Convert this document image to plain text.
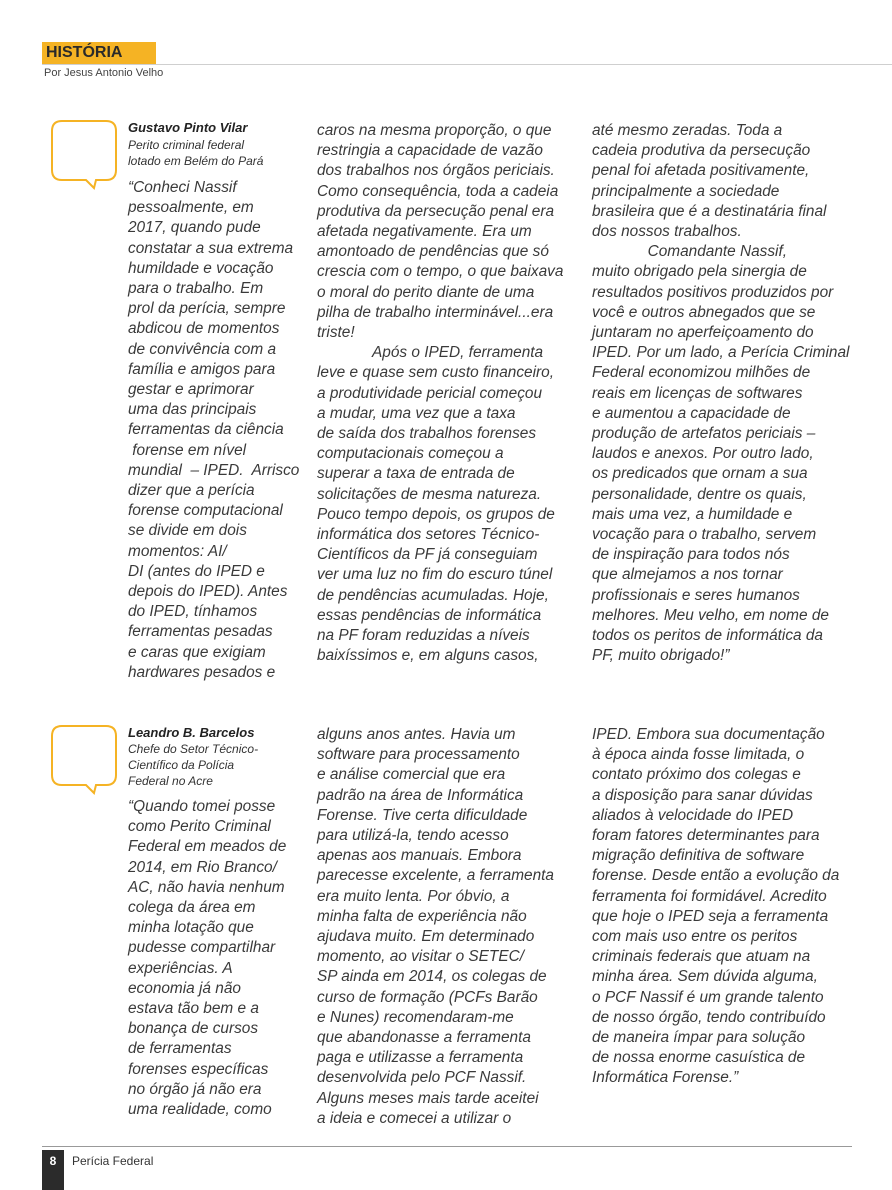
HISTÓRIA
Por Jesus Antonio Velho
Gustavo Pinto Vilar
Perito criminal federal
lotado em Belém do Pará
“Conheci Nassif
pessoalmente, em
2017, quando pude
constatar a sua extrema
humildade e vocação
para o trabalho. Em
prol da perícia, sempre
abdicou de momentos
de convivência com a
família e amigos para
gestar e aprimorar
uma das principais
ferramentas da ciência
forense em nível
mundial  – IPED.  Arrisco
dizer que a perícia
forense computacional
se divide em dois
momentos: AI/
DI (antes do IPED e
depois do IPED). Antes
do IPED, tínhamos
ferramentas pesadas
e caras que exigiam
hardwares pesados e
caros na mesma proporção, o que
restringia a capacidade de vazão
dos trabalhos nos órgãos periciais.
Como consequência, toda a cadeia
produtiva da persecução penal era
afetada negativamente. Era um
amontoado de pendências que só
crescia com o tempo, o que baixava
o moral do perito diante de uma
pilha de trabalho interminável...era
triste!
Após o IPED, ferramenta
leve e quase sem custo financeiro,
a produtividade pericial começou
a mudar, uma vez que a taxa
de saída dos trabalhos forenses
computacionais começou a
superar a taxa de entrada de
solicitações de mesma natureza.
Pouco tempo depois, os grupos de
informática dos setores Técnico-
Científicos da PF já conseguiam
ver uma luz no fim do escuro túnel
de pendências acumuladas. Hoje,
essas pendências de informática
na PF foram reduzidas a níveis
baixíssimos e, em alguns casos,
até mesmo zeradas. Toda a
cadeia produtiva da persecução
penal foi afetada positivamente,
principalmente a sociedade
brasileira que é a destinatária final
dos nossos trabalhos.
Comandante Nassif,
muito obrigado pela sinergia de
resultados positivos produzidos por
você e outros abnegados que se
juntaram no aperfeiçoamento do
IPED. Por um lado, a Perícia Criminal
Federal economizou milhões de
reais em licenças de softwares
e aumentou a capacidade de
produção de artefatos periciais –
laudos e anexos. Por outro lado,
os predicados que ornam a sua
personalidade, dentre os quais,
mais uma vez, a humildade e
vocação para o trabalho, servem
de inspiração para todos nós
que almejamos a nos tornar
profissionais e seres humanos
melhores. Meu velho, em nome de
todos os peritos de informática da
PF, muito obrigado!”
Leandro B. Barcelos
Chefe do Setor Técnico-
Científico da Polícia
Federal no Acre
“Quando tomei posse
como Perito Criminal
Federal em meados de
2014, em Rio Branco/
AC, não havia nenhum
colega da área em
minha lotação que
pudesse compartilhar
experiências. A
economia já não
estava tão bem e a
bonança de cursos
de ferramentas
forenses específicas
no órgão já não era
uma realidade, como
alguns anos antes. Havia um
software para processamento
e análise comercial que era
padrão na área de Informática
Forense. Tive certa dificuldade
para utilizá-la, tendo acesso
apenas aos manuais. Embora
parecesse excelente, a ferramenta
era muito lenta. Por óbvio, a
minha falta de experiência não
ajudava muito. Em determinado
momento, ao visitar o SETEC/
SP ainda em 2014, os colegas de
curso de formação (PCFs Barão
e Nunes) recomendaram-me
que abandonasse a ferramenta
paga e utilizasse a ferramenta
desenvolvida pelo PCF Nassif.
Alguns meses mais tarde aceitei
a ideia e comecei a utilizar o
IPED. Embora sua documentação
à época ainda fosse limitada, o
contato próximo dos colegas e
a disposição para sanar dúvidas
aliados à velocidade do IPED
foram fatores determinantes para
migração definitiva de software
forense. Desde então a evolução da
ferramenta foi formidável. Acredito
que hoje o IPED seja a ferramenta
com mais uso entre os peritos
criminais federais que atuam na
minha área. Sem dúvida alguma,
o PCF Nassif é um grande talento
de nosso órgão, tendo contribuído
de maneira ímpar para solução
de nossa enorme casuística de
Informática Forense.”
8	Perícia Federal
